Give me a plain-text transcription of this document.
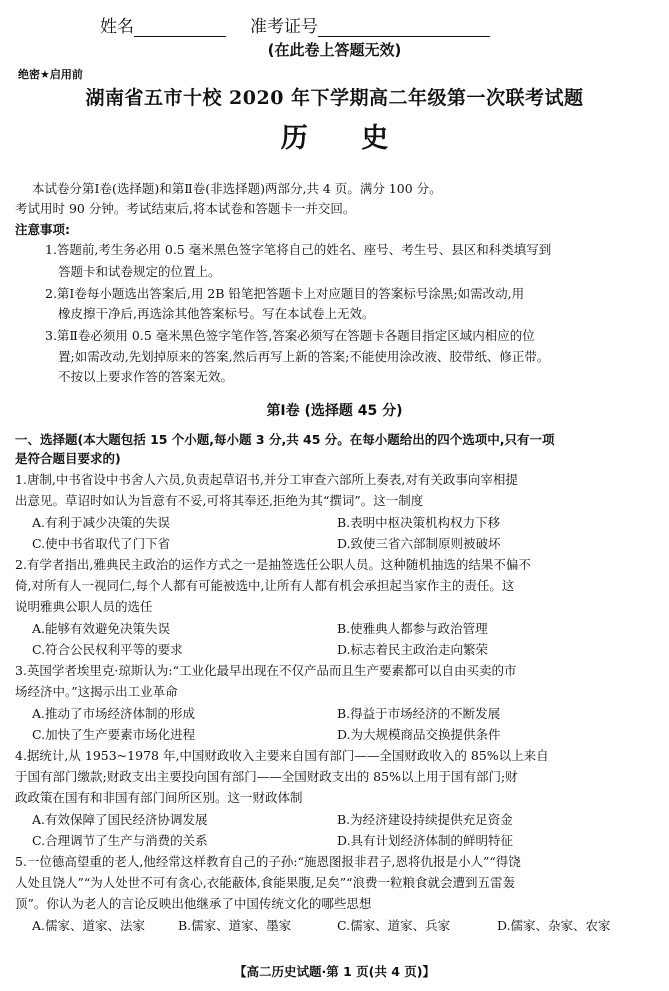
姓名	准考证号
(在此卷上答题无效)
绝密★启用前
湖南省五市十校 2020 年下学期高二年级第一次联考试题
历 史
本试卷分第Ⅰ卷(选择题)和第Ⅱ卷(非选择题)两部分,共 4 页。满分 100 分。
考试用时 90 分钟。考试结束后,将本试卷和答题卡一并交回。
注意事项:
1.答题前,考生务必用 0.5 毫米黑色签字笔将自己的姓名、座号、考生号、县区和科类填写到
答题卡和试卷规定的位置上。
2.第Ⅰ卷每小题选出答案后,用 2B 铅笔把答题卡上对应题目的答案标号涂黑;如需改动,用
橡皮擦干净后,再选涂其他答案标号。写在本试卷上无效。
3.第Ⅱ卷必须用 0.5 毫米黑色签字笔作答,答案必须写在答题卡各题目指定区域内相应的位
置;如需改动,先划掉原来的答案,然后再写上新的答案;不能使用涂改液、胶带纸、修正带。
不按以上要求作答的答案无效。
第Ⅰ卷 (选择题 45 分)
一、选择题(本大题包括 15 个小题,每小题 3 分,共 45 分。在每小题给出的四个选项中,只有一项
是符合题目要求的)
1.唐制,中书省设中书舍人六员,负责起草诏书,并分工审查六部所上奏表,对有关政事向宰相提
出意见。草诏时如认为旨意有不妥,可将其奉还,拒绝为其“撰词”。这一制度
A.有利于减少决策的失误	B.表明中枢决策机构权力下移
C.使中书省取代了门下省	D.致使三省六部制原则被破坏
2.有学者指出,雅典民主政治的运作方式之一是抽签选任公职人员。这种随机抽选的结果不偏不
倚,对所有人一视同仁,每个人都有可能被选中,让所有人都有机会承担起当家作主的责任。这
说明雅典公职人员的选任
A.能够有效避免决策失误	B.使雅典人都参与政治管理
C.符合公民权利平等的要求	D.标志着民主政治走向繁荣
3.英国学者埃里克·琼斯认为:“工业化最早出现在不仅产品而且生产要素都可以自由买卖的市
场经济中。”这揭示出工业革命
A.推动了市场经济体制的形成	B.得益于市场经济的不断发展
C.加快了生产要素市场化进程	D.为大规模商品交换提供条件
4.据统计,从 1953~1978 年,中国财政收入主要来自国有部门——全国财政收入的 85%以上来自
于国有部门缴款;财政支出主要投向国有部门——全国财政支出的 85%以上用于国有部门;财
政政策在国有和非国有部门间所区别。这一财政体制
A.有效保障了国民经济协调发展	B.为经济建设持续提供充足资金
C.合理调节了生产与消费的关系	D.具有计划经济体制的鲜明特征
5.一位德高望重的老人,他经常这样教育自己的子孙:“施恩图报非君子,恩将仇报是小人”“得饶
人处且饶人”“为人处世不可有贪心,衣能蔽体,食能果腹,足矣”“浪费一粒粮食就会遭到五雷轰
顶”。你认为老人的言论反映出他继承了中国传统文化的哪些思想
A.儒家、道家、法家	B.儒家、道家、墨家	C.儒家、道家、兵家	D.儒家、杂家、农家
【高二历史试题·第 1 页(共 4 页)】
